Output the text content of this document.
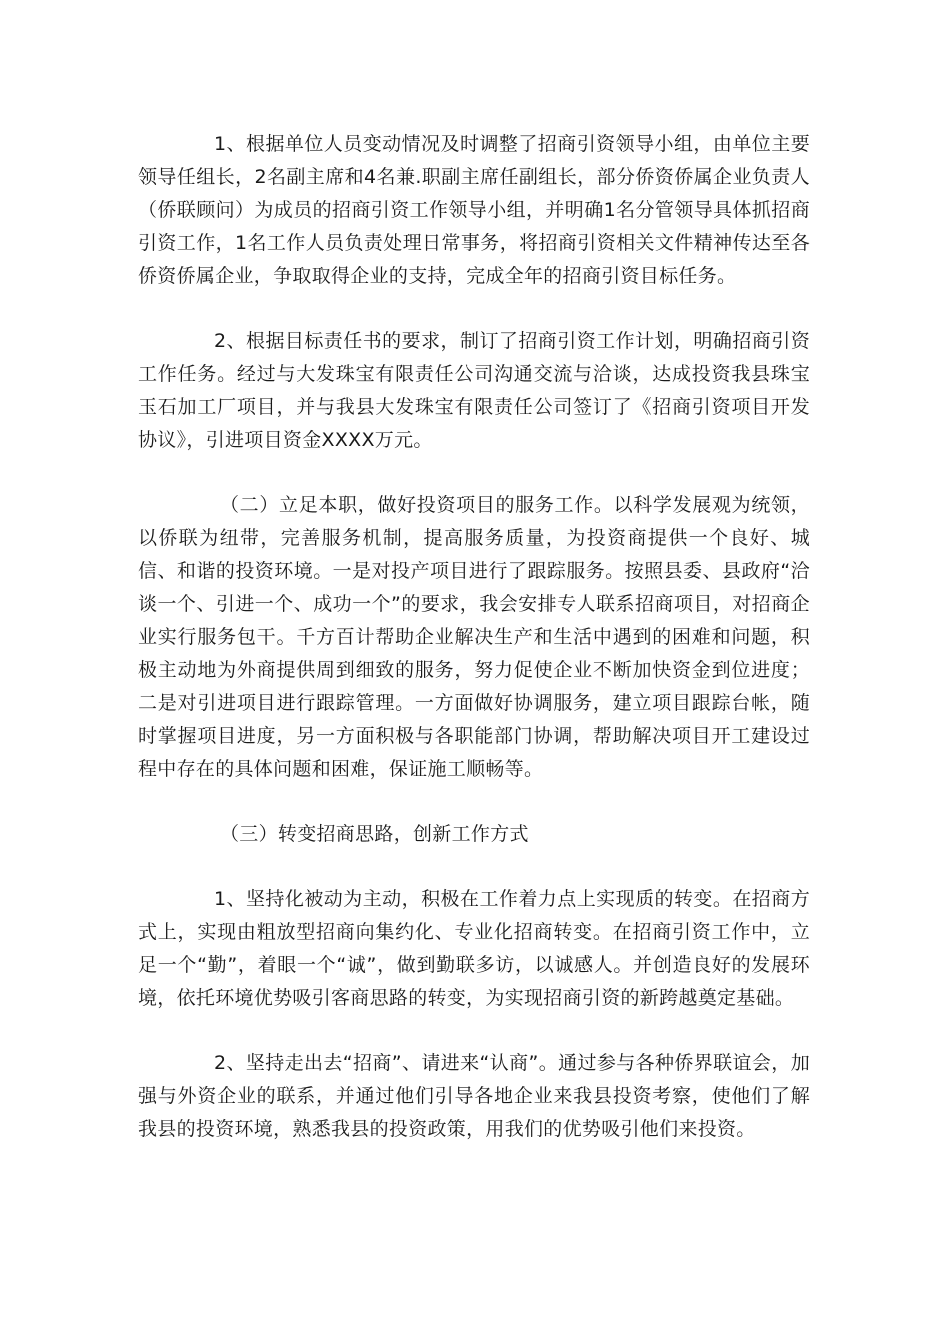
1、根据单位人员变动情况及时调整了招商引资领导小组，由单位主要领导任组长，2名副主席和4名兼.职副主席任副组长，部分侨资侨属企业负责人（侨联顾问）为成员的招商引资工作领导小组，并明确1名分管领导具体抓招商引资工作，1名工作人员负责处理日常事务，将招商引资相关文件精神传达至各侨资侨属企业，争取取得企业的支持，完成全年的招商引资目标任务。

2、根据目标责任书的要求，制订了招商引资工作计划，明确招商引资工作任务。经过与大发珠宝有限责任公司沟通交流与洽谈，达成投资我县珠宝玉石加工厂项目，并与我县大发珠宝有限责任公司签订了《招商引资项目开发协议》，引进项目资金XXXX万元。

（二）立足本职，做好投资项目的服务工作。以科学发展观为统领，以侨联为纽带，完善服务机制，提高服务质量，为投资商提供一个良好、城信、和谐的投资环境。一是对投产项目进行了跟踪服务。按照县委、县政府“洽谈一个、引进一个、成功一个”的要求，我会安排专人联系招商项目，对招商企业实行服务包干。千方百计帮助企业解决生产和生活中遇到的困难和问题，积极主动地为外商提供周到细致的服务，努力促使企业不断加快资金到位进度；二是对引进项目进行跟踪管理。一方面做好协调服务，建立项目跟踪台帐，随时掌握项目进度，另一方面积极与各职能部门协调，帮助解决项目开工建设过程中存在的具体问题和困难，保证施工顺畅等。

（三）转变招商思路，创新工作方式

1、坚持化被动为主动，积极在工作着力点上实现质的转变。在招商方式上，实现由粗放型招商向集约化、专业化招商转变。在招商引资工作中，立足一个“勤”，着眼一个“诚”，做到勤联多访，以诚感人。并创造良好的发展环境，依托环境优势吸引客商思路的转变，为实现招商引资的新跨越奠定基础。

2、坚持走出去“招商”、请进来“认商”。通过参与各种侨界联谊会，加强与外资企业的联系，并通过他们引导各地企业来我县投资考察，使他们了解我县的投资环境，熟悉我县的投资政策，用我们的优势吸引他们来投资。
